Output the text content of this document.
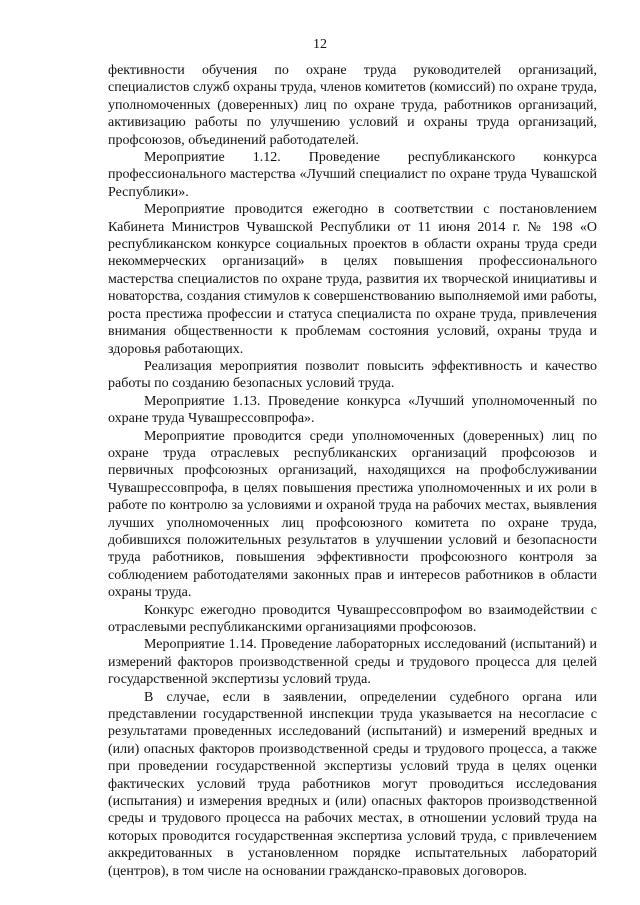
12

фективности обучения по охране труда руководителей организаций, специалистов служб охраны труда, членов комитетов (комиссий) по охране труда, уполномоченных (доверенных) лиц по охране труда, работников организаций, активизацию работы по улучшению условий и охраны труда организаций, профсоюзов, объединений работодателей.

Мероприятие 1.12. Проведение республиканского конкурса профессионального мастерства «Лучший специалист по охране труда Чувашской Республики».

Мероприятие проводится ежегодно в соответствии с постановлением Кабинета Министров Чувашской Республики от 11 июня 2014 г. № 198 «О республиканском конкурсе социальных проектов в области охраны труда среди некоммерческих организаций» в целях повышения профессионального мастерства специалистов по охране труда, развития их творческой инициативы и новаторства, создания стимулов к совершенствованию выполняемой ими работы, роста престижа профессии и статуса специалиста по охране труда, привлечения внимания общественности к проблемам состояния условий, охраны труда и здоровья работающих.

Реализация мероприятия позволит повысить эффективность и качество работы по созданию безопасных условий труда.

Мероприятие 1.13. Проведение конкурса «Лучший уполномоченный по охране труда Чувашрессовпрофа».

Мероприятие проводится среди уполномоченных (доверенных) лиц по охране труда отраслевых республиканских организаций профсоюзов и первичных профсоюзных организаций, находящихся на профобслуживании Чувашрессовпрофа, в целях повышения престижа уполномоченных и их роли в работе по контролю за условиями и охраной труда на рабочих местах, выявления лучших уполномоченных лиц профсоюзного комитета по охране труда, добившихся положительных результатов в улучшении условий и безопасности труда работников, повышения эффективности профсоюзного контроля за соблюдением работодателями законных прав и интересов работников в области охраны труда.

Конкурс ежегодно проводится Чувашрессовпрофом во взаимодействии с отраслевыми республиканскими организациями профсоюзов.

Мероприятие 1.14. Проведение лабораторных исследований (испытаний) и измерений факторов производственной среды и трудового процесса для целей государственной экспертизы условий труда.

В случае, если в заявлении, определении судебного органа или представлении государственной инспекции труда указывается на несогласие с результатами проведенных исследований (испытаний) и измерений вредных и (или) опасных факторов производственной среды и трудового процесса, а также при проведении государственной экспертизы условий труда в целях оценки фактических условий труда работников могут проводиться исследования (испытания) и измерения вредных и (или) опасных факторов производственной среды и трудового процесса на рабочих местах, в отношении условий труда на которых проводится государственная экспертиза условий труда, с привлечением аккредитованных в установленном порядке испытательных лабораторий (центров), в том числе на основании гражданско-правовых договоров.
